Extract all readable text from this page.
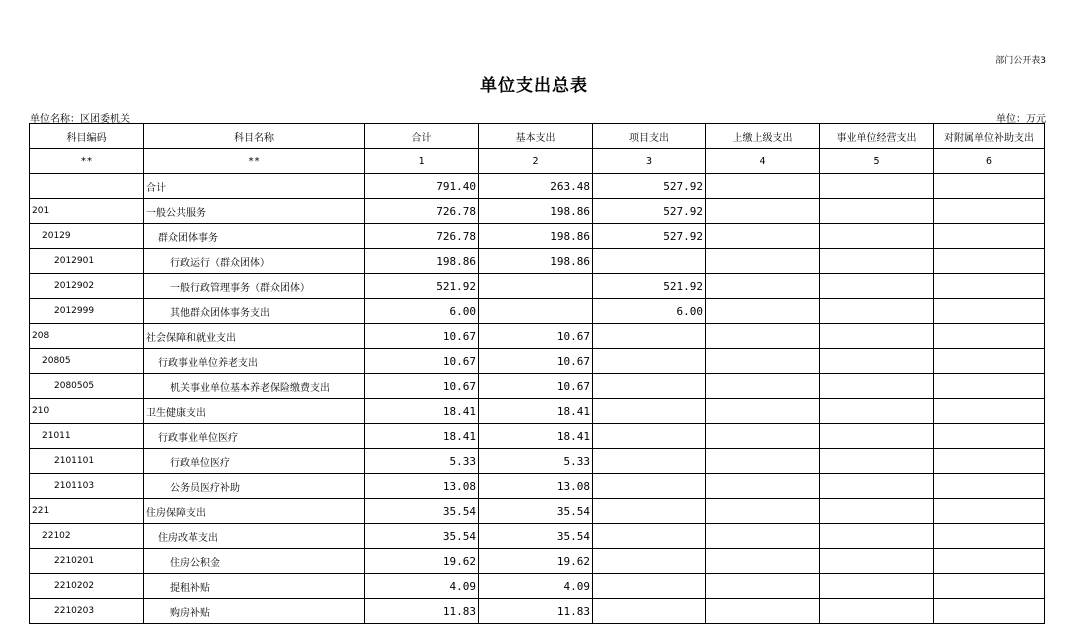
部门公开表3
单位支出总表
单位名称：区团委机关	单位：万元
科目编码	科目名称	合计	基本支出	项目支出	上缴上级支出	事业单位经营支出	对附属单位补助支出
**	**	1	2	3	4	5	6
	合计	791.40	263.48	527.92			
201	一般公共服务	726.78	198.86	527.92			
20129	群众团体事务	726.78	198.86	527.92			
2012901	行政运行（群众团体）	198.86	198.86				
2012902	一般行政管理事务（群众团体）	521.92		521.92			
2012999	其他群众团体事务支出	6.00		6.00			
208	社会保障和就业支出	10.67	10.67				
20805	行政事业单位养老支出	10.67	10.67				
2080505	机关事业单位基本养老保险缴费支出	10.67	10.67				
210	卫生健康支出	18.41	18.41				
21011	行政事业单位医疗	18.41	18.41				
2101101	行政单位医疗	5.33	5.33				
2101103	公务员医疗补助	13.08	13.08				
221	住房保障支出	35.54	35.54				
22102	住房改革支出	35.54	35.54				
2210201	住房公积金	19.62	19.62				
2210202	提租补贴	4.09	4.09				
2210203	购房补贴	11.83	11.83				
